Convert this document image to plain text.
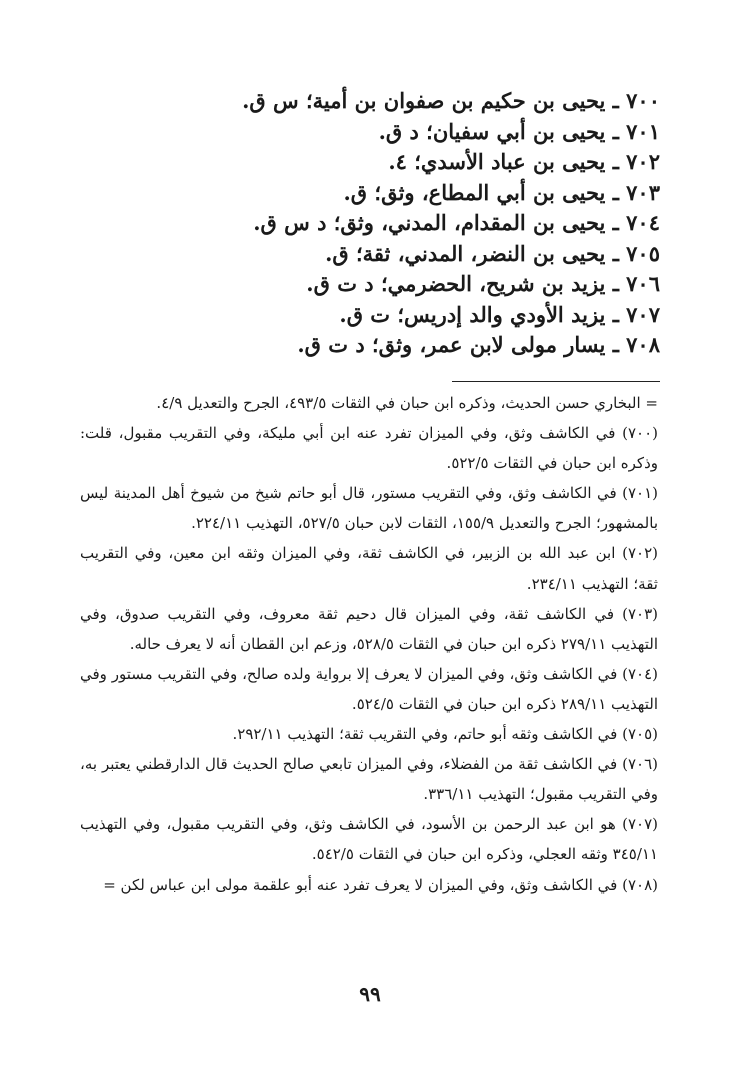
٧٠٠ ـ يحيى بن حكيم بن صفوان بن أمية؛ س ق.
٧٠١ ـ يحيى بن أبي سفيان؛ د ق.
٧٠٢ ـ يحيى بن عباد الأسدي؛ ٤.
٧٠٣ ـ يحيى بن أبي المطاع، وثق؛ ق.
٧٠٤ ـ يحيى بن المقدام، المدني، وثق؛ د س ق.
٧٠٥ ـ يحيى بن النضر، المدني، ثقة؛ ق.
٧٠٦ ـ يزيد بن شريح، الحضرمي؛ د ت ق.
٧٠٧ ـ يزيد الأودي والد إدريس؛ ت ق.
٧٠٨ ـ يسار مولى لابن عمر، وثق؛ د ت ق.
= البخاري حسن الحديث، وذكره ابن حبان في الثقات ٤٩٣/٥، الجرح والتعديل ٤/٩.
(٧٠٠) في الكاشف وثق، وفي الميزان تفرد عنه ابن أبي مليكة، وفي التقريب مقبول، قلت: وذكره ابن حبان في الثقات ٥٢٢/٥.
(٧٠١) في الكاشف وثق، وفي التقريب مستور، قال أبو حاتم شيخ من شيوخ أهل المدينة ليس بالمشهور؛ الجرح والتعديل ١٥٥/٩، الثقات لابن حبان ٥٢٧/٥، التهذيب ٢٢٤/١١.
(٧٠٢) ابن عبد الله بن الزبير، في الكاشف ثقة، وفي الميزان وثقه ابن معين، وفي التقريب ثقة؛ التهذيب ٢٣٤/١١.
(٧٠٣) في الكاشف ثقة، وفي الميزان قال دحيم ثقة معروف، وفي التقريب صدوق، وفي التهذيب ٢٧٩/١١ ذكره ابن حبان في الثقات ٥٢٨/٥، وزعم ابن القطان أنه لا يعرف حاله.
(٧٠٤) في الكاشف وثق، وفي الميزان لا يعرف إلا برواية ولده صالح، وفي التقريب مستور وفي التهذيب ٢٨٩/١١ ذكره ابن حبان في الثقات ٥٢٤/٥.
(٧٠٥) في الكاشف وثقه أبو حاتم، وفي التقريب ثقة؛ التهذيب ٢٩٢/١١.
(٧٠٦) في الكاشف ثقة من الفضلاء، وفي الميزان تابعي صالح الحديث قال الدارقطني يعتبر به، وفي التقريب مقبول؛ التهذيب ٣٣٦/١١.
(٧٠٧) هو ابن عبد الرحمن بن الأسود، في الكاشف وثق، وفي التقريب مقبول، وفي التهذيب ٣٤٥/١١ وثقه العجلي، وذكره ابن حبان في الثقات ٥٤٢/٥.
(٧٠٨) في الكاشف وثق، وفي الميزان لا يعرف تفرد عنه أبو علقمة مولى ابن عباس لكن =
٩٩
